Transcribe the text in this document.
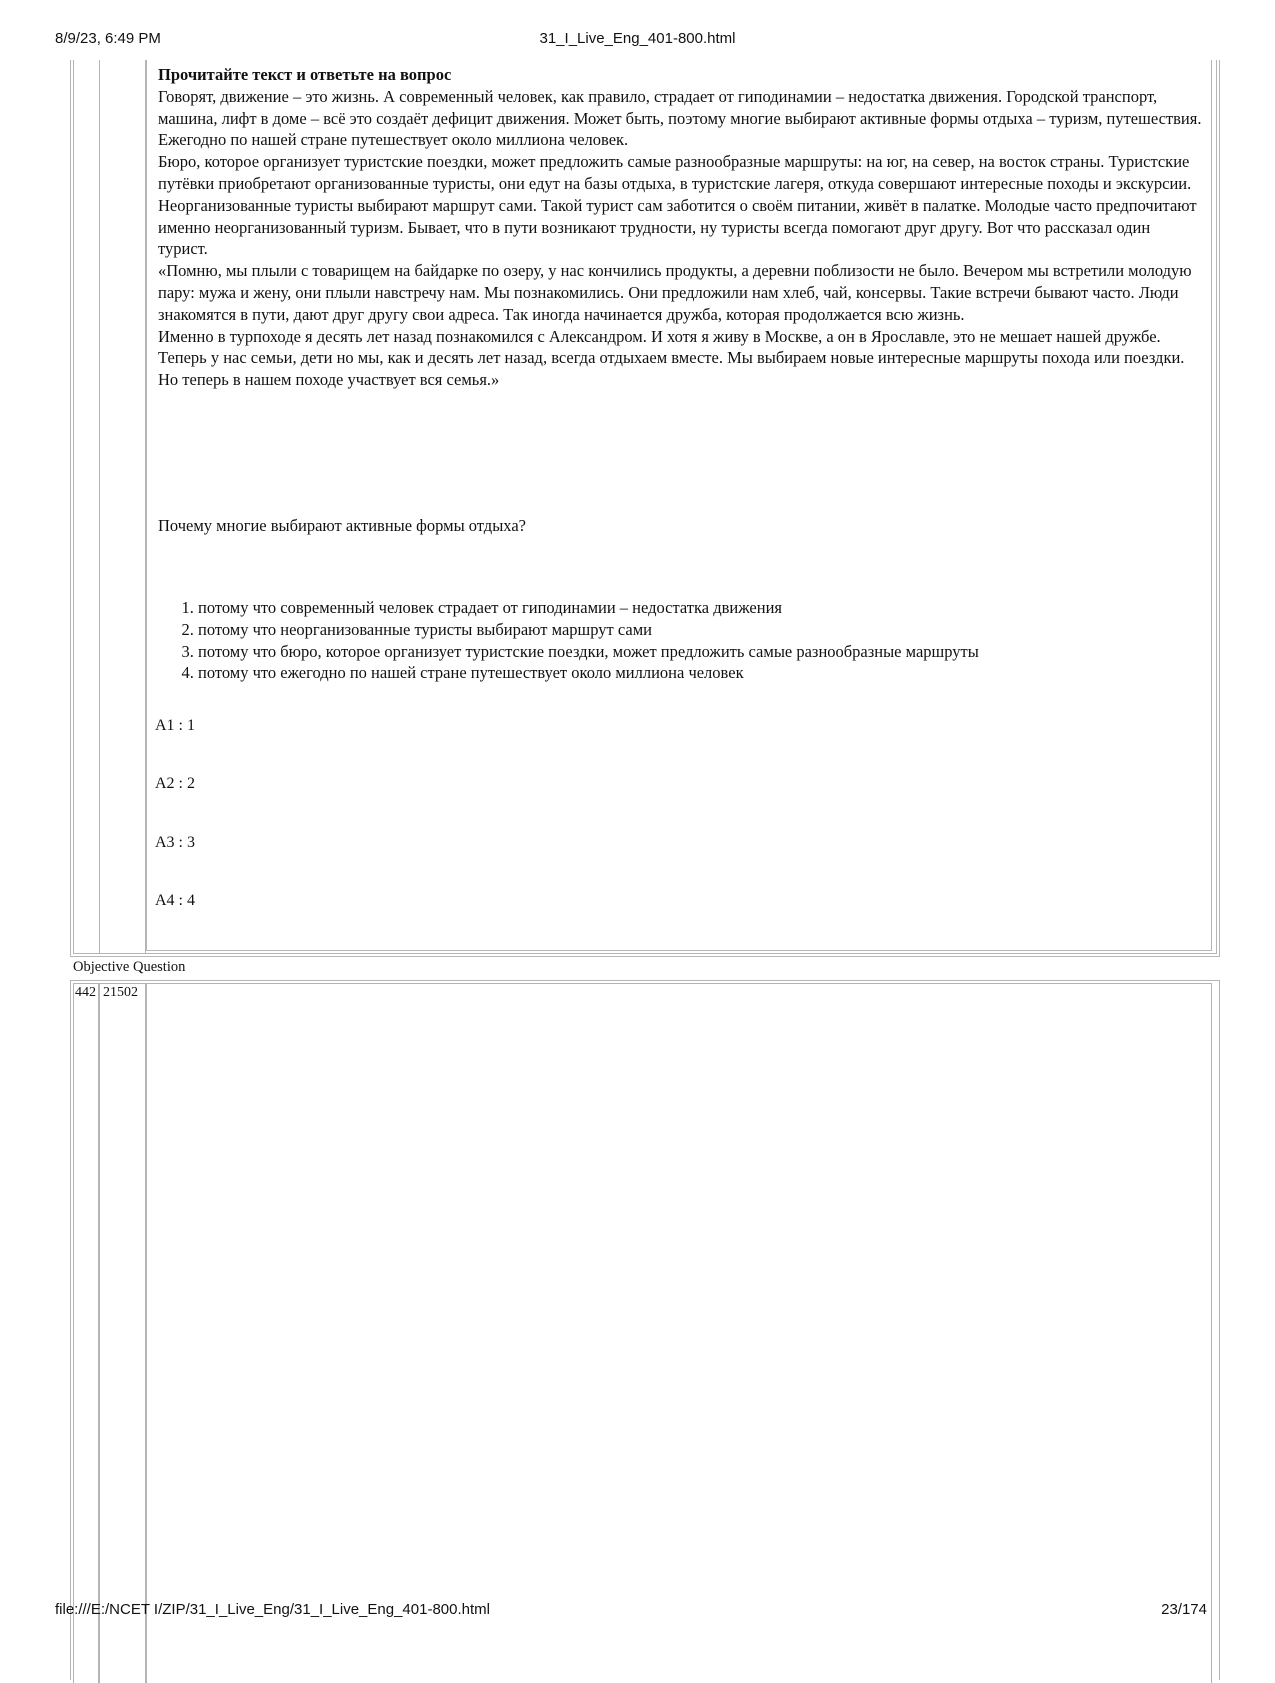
8/9/23, 6:49 PM	31_I_Live_Eng_401-800.html

Прочитайте текст и ответьте на вопрос

Говорят, движение – это жизнь. А современный человек, как правило, страдает от гиподинамии – недостатка движения. Городской транспорт, машина, лифт в доме – всё это создаёт дефицит движения. Может быть, поэтому многие выбирают активные формы отдыха – туризм, путешествия. Ежегодно по нашей стране путешествует около миллиона человек.

Бюро, которое организует туристские поездки, может предложить самые разнообразные маршруты: на юг, на север, на восток страны. Туристские путёвки приобретают организованные туристы, они едут на базы отдыха, в туристские лагеря, откуда совершают интересные походы и экскурсии.

Неорганизованные туристы выбирают маршрут сами. Такой турист сам заботится о своём питании, живёт в палатке. Молодые часто предпочитают именно неорганизованный туризм. Бывает, что в пути возникают трудности, ну туристы всегда помогают друг другу. Вот что рассказал один турист.

«Помню, мы плыли с товарищем на байдарке по озеру, у нас кончились продукты, а деревни поблизости не было. Вечером мы встретили молодую пару: мужа и жену, они плыли навстречу нам. Мы познакомились. Они предложили нам хлеб, чай, консервы. Такие встречи бывают часто. Люди знакомятся в пути, дают друг другу свои адреса. Так иногда начинается дружба, которая продолжается всю жизнь.

Именно в турпоходе я десять лет назад познакомился с Александром. И хотя я живу в Москве, а он в Ярославле, это не мешает нашей дружбе. Теперь у нас семьи, дети но мы, как и десять лет назад, всегда отдыхаем вместе. Мы выбираем новые интересные маршруты похода или поездки. Но теперь в нашем походе участвует вся семья.»

Почему многие выбирают активные формы отдыха?
1. потому что современный человек страдает от гиподинамии – недостатка движения
2. потому что неорганизованные туристы выбирают маршрут сами
3. потому что бюро, которое организует туристские поездки, может предложить самые разнообразные маршруты
4. потому что ежегодно по нашей стране путешествует около миллиона человек
A1 : 1
A2 : 2
A3 : 3
A4 : 4
Objective Question
442 21502
file:///E:/NCET I/ZIP/31_I_Live_Eng/31_I_Live_Eng_401-800.html	23/174
